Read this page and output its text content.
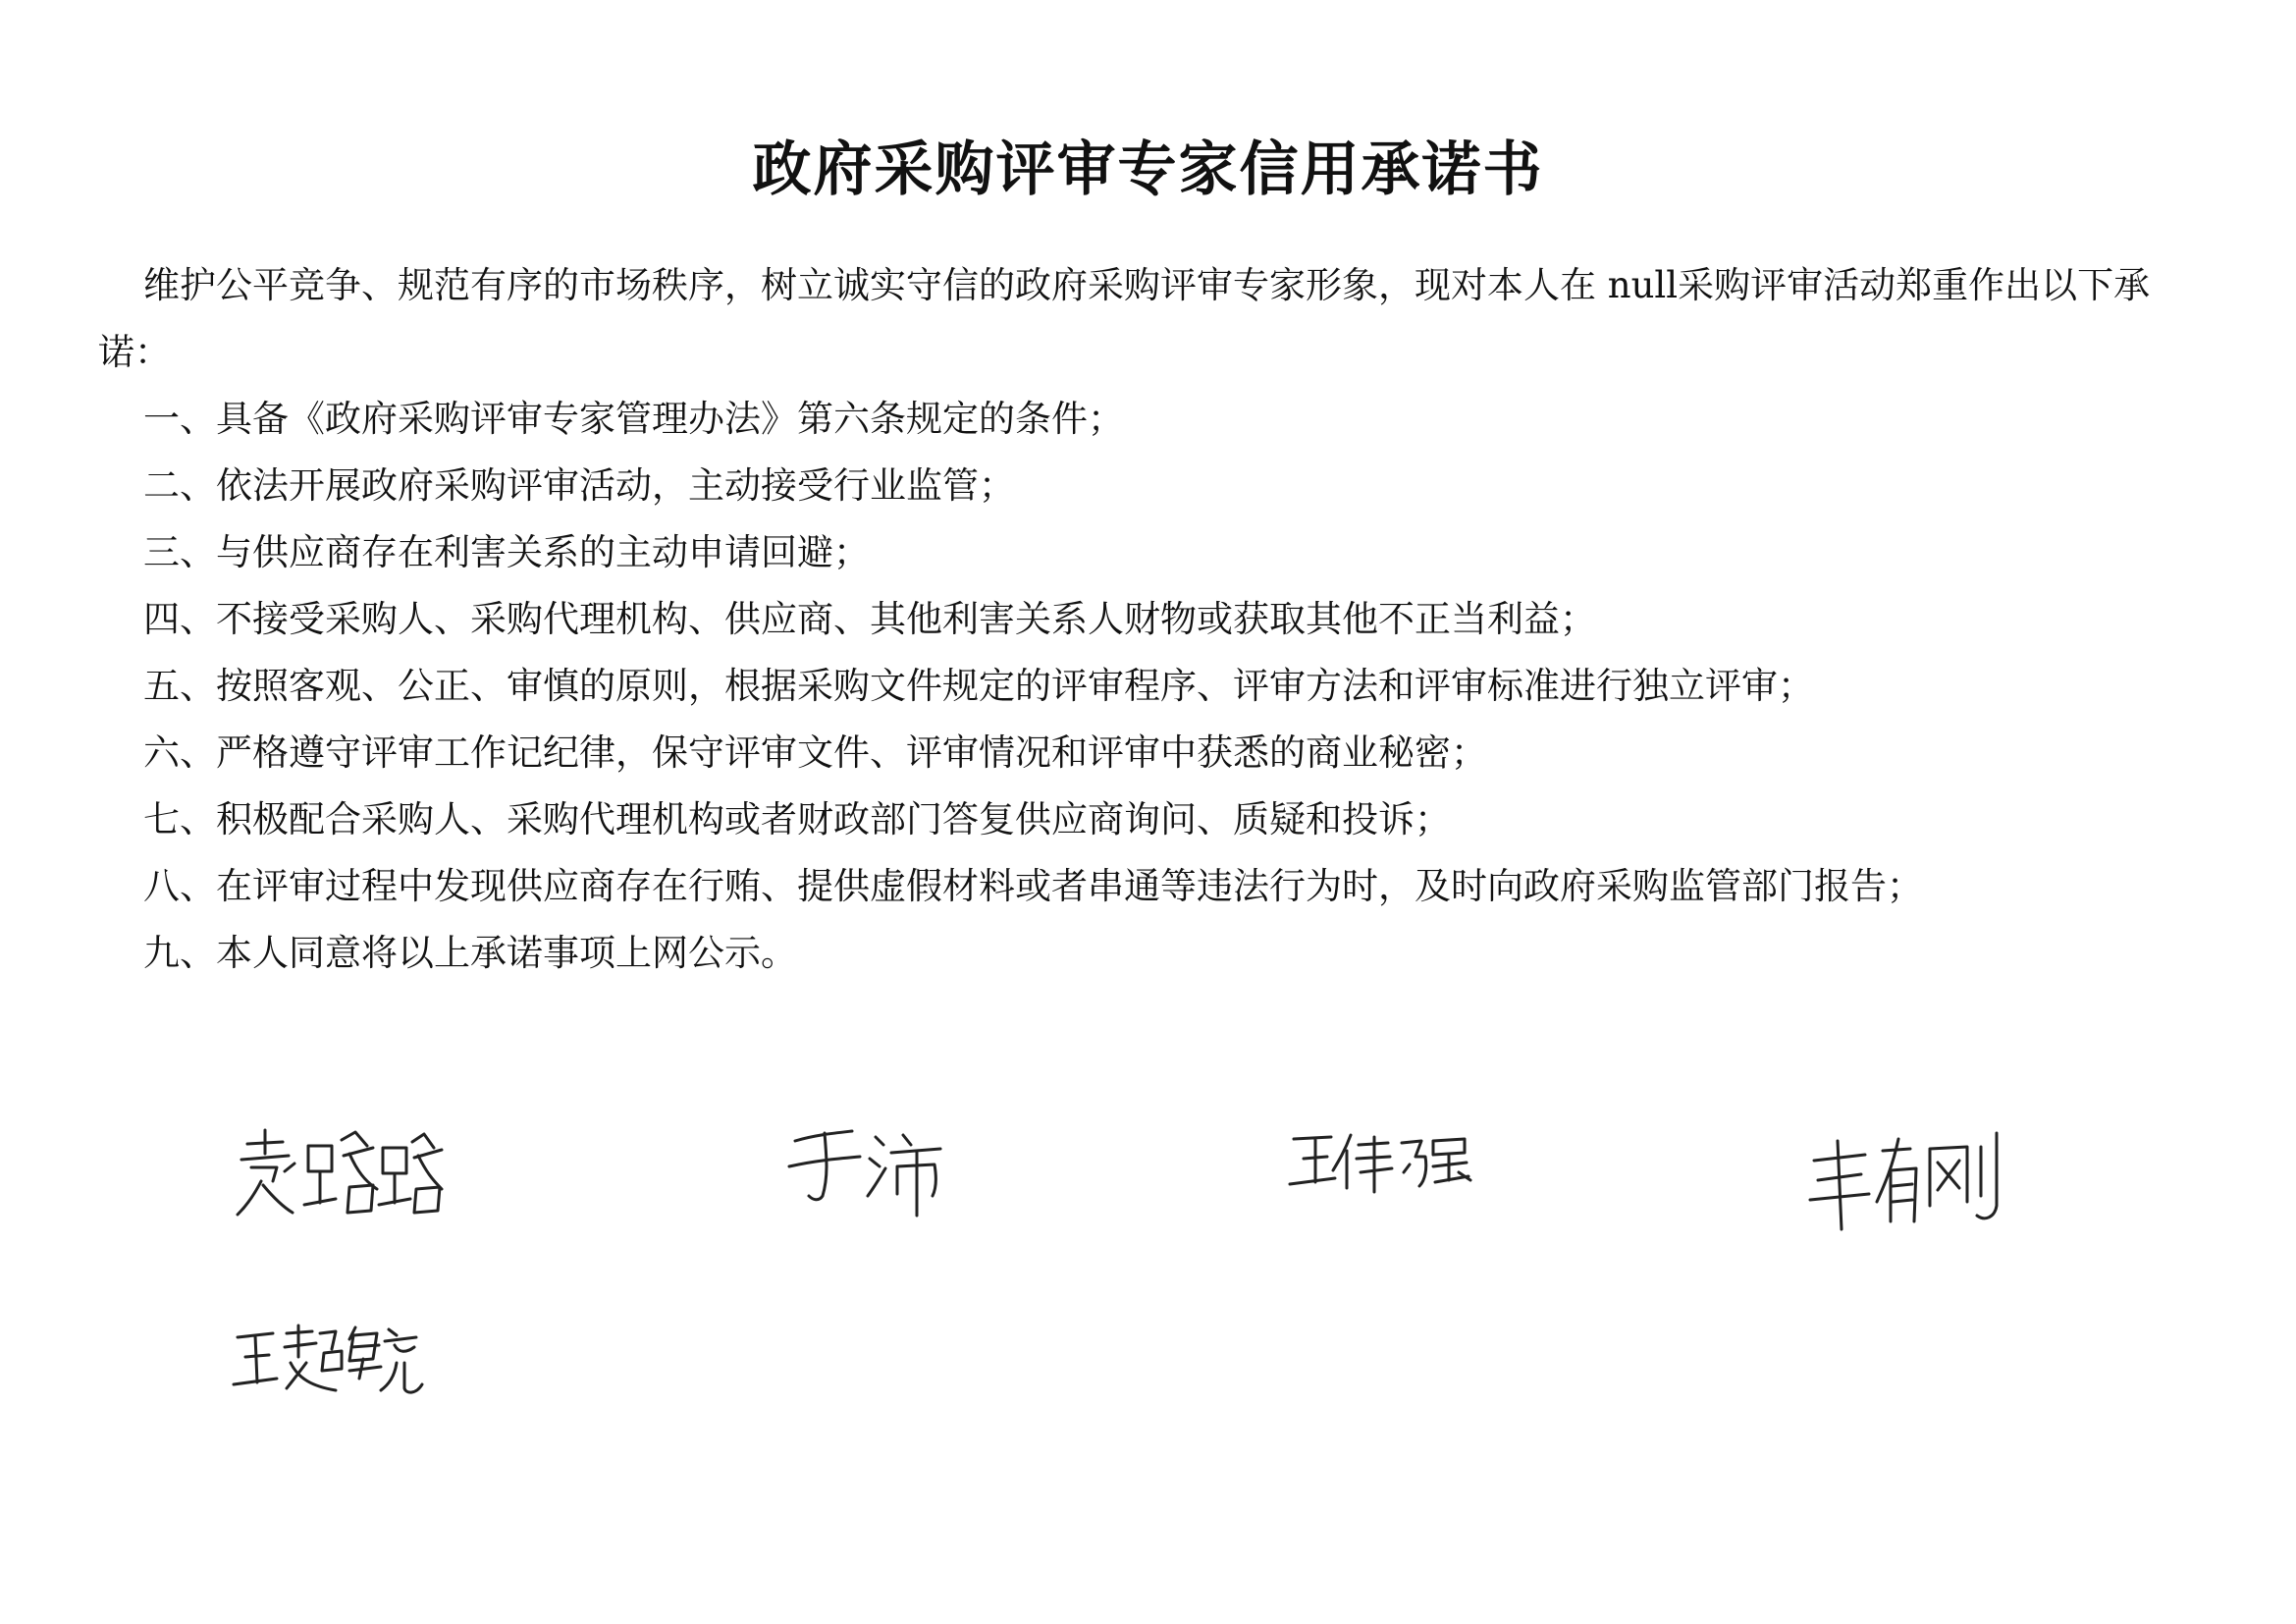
政府采购评审专家信用承诺书

维护公平竞争、规范有序的市场秩序，树立诚实守信的政府采购评审专家形象，现对本人在 null采购评审活动郑重作出以下承诺：

一、具备《政府采购评审专家管理办法》第六条规定的条件；

二、依法开展政府采购评审活动，主动接受行业监管；

三、与供应商存在利害关系的主动申请回避；

四、不接受采购人、采购代理机构、供应商、其他利害关系人财物或获取其他不正当利益；

五、按照客观、公正、审慎的原则，根据采购文件规定的评审程序、评审方法和评审标准进行独立评审；

六、严格遵守评审工作记纪律，保守评审文件、评审情况和评审中获悉的商业秘密；

七、积极配合采购人、采购代理机构或者财政部门答复供应商询问、质疑和投诉；

八、在评审过程中发现供应商存在行贿、提供虚假材料或者串通等违法行为时，及时向政府采购监管部门报告；

九、本人同意将以上承诺事项上网公示。
